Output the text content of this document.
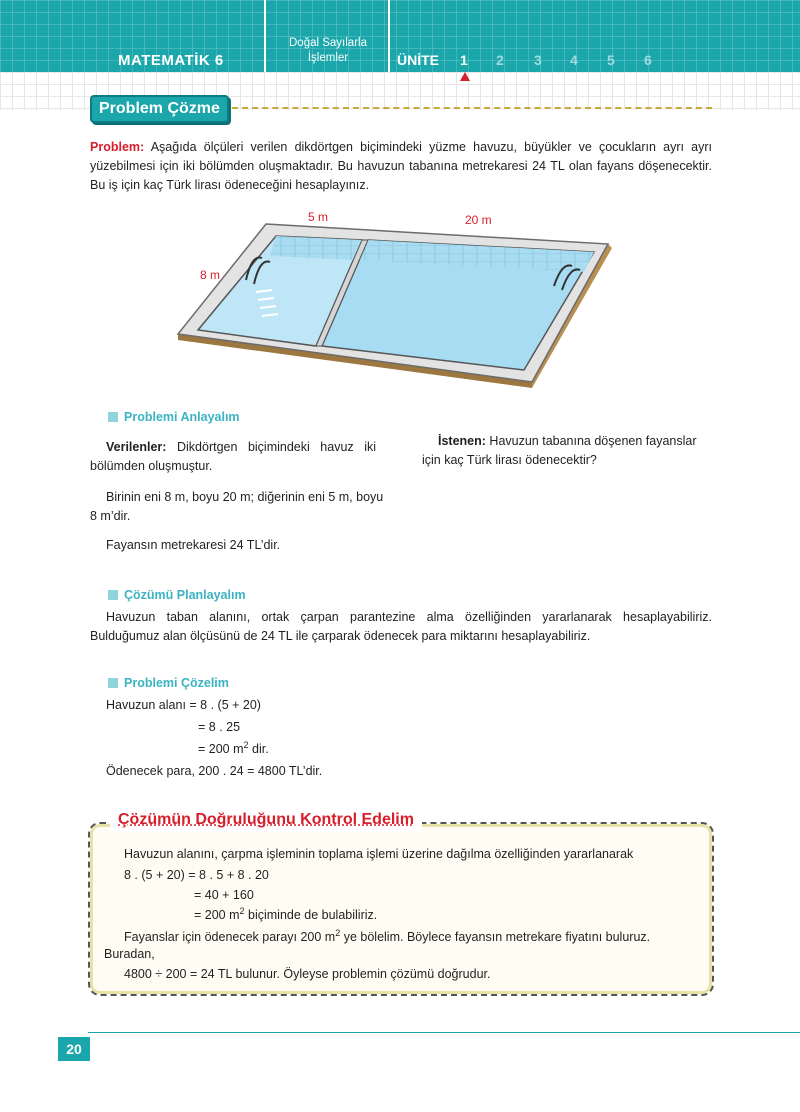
MATEMATİK 6
Doğal Sayılarla
İşlemler	ÜNİTE 1 2 3 4 5 6
Problem Çözme
Problem: Aşağıda ölçüleri verilen dikdörtgen biçimindeki yüzme havuzu, büyükler ve çocukların ayrı ayrı yüzebilmesi için iki bölümden oluşmaktadır. Bu havuzun tabanına metrekaresi 24 TL olan fayans döşenecektir. Bu iş için kaç Türk lirası ödeneceğini hesaplayınız.
5 m	20 m
8 m
Problemi Anlayalım
Verilenler: Dikdörtgen biçimindeki havuz iki bölümden oluşmuştur.
Birinin eni 8 m, boyu 20 m; diğerinin eni 5 m, boyu 8 m’dir.
Fayansın metrekaresi 24 TL’dir.
İstenen: Havuzun tabanına döşenen fayanslar için kaç Türk lirası ödenecektir?
Çözümü Planlayalım
Havuzun taban alanını, ortak çarpan parantezine alma özelliğinden yararlanarak hesaplayabiliriz. Bulduğumuz alan ölçüsünü de 24 TL ile çarparak ödenecek para miktarını hesaplayabiliriz.
Problemi Çözelim
Havuzun alanı = 8 . (5 + 20)
= 8 . 25
= 200 $m^2$ dir.
Ödenecek para, 200 . 24 = 4800 TL’dir.
Çözümün Doğruluğunu Kontrol Edelim
Havuzun alanını, çarpma işleminin toplama işlemi üzerine dağılma özelliğinden yararlanarak
8 . (5 + 20) = 8 . 5 + 8 . 20
= 40 + 160
= 200 $m^2$ biçiminde de bulabiliriz.
Fayanslar için ödenecek parayı 200 $m^2$ ye bölelim. Böylece fayansın metrekare fiyatını buluruz.
Buradan,
4800 ÷ 200 = 24 TL bulunur. Öyleyse problemin çözümü doğrudur.
20
